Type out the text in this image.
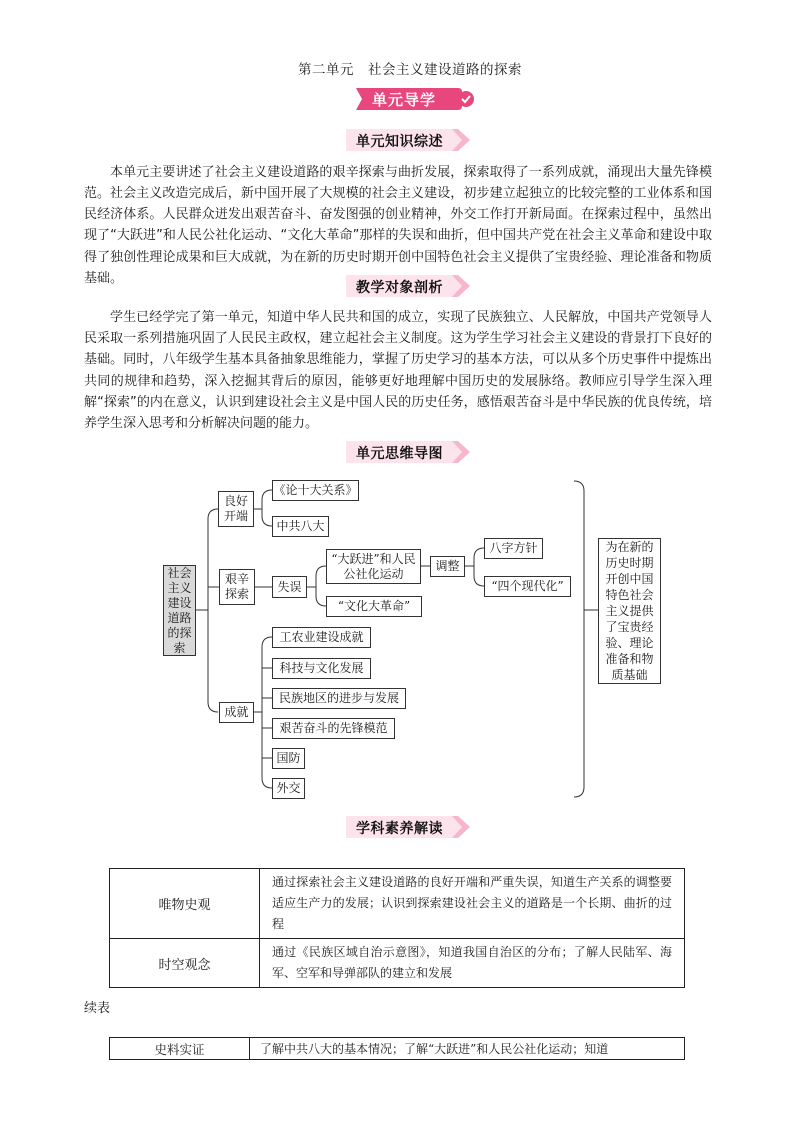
第二单元　社会主义建设道路的探索
单元导学
单元知识综述
本单元主要讲述了社会主义建设道路的艰辛探索与曲折发展，探索取得了一系列成就，涌现出大量先锋模范。 社会主义改造完成后，新中国开展了大规模的社会主义建设，初步建立起独立的比较完整的工业体系和国民经济体系。人民群众迸发出艰苦奋斗、奋发图强的创业精神，外交工作打开新局面。在探索过程中，虽然出现了“大跃进”和人民公社化运动、“文化大革命”那样的失误和曲折，但中国共产党在社会主义革命和建设中取得了独创性理论成果和巨大成就，为在新的历史时期开创中国特色社会主义提供了宝贵经验、理论准备和物质基础。
教学对象剖析
学生已经学完了第一单元，知道中华人民共和国的成立，实现了民族独立、人民解放，中国共产党领导人民采取一系列措施巩固了人民民主政权，建立起社会主义制度。这为学生学习社会主义建设的背景打下良好的基础。同时，八年级学生基本具备抽象思维能力，掌握了历史学习的基本方法，可以从多个历史事件中提炼出共同的规律和趋势，深入挖掘其背后的原因，能够更好地理解中国历史的发展脉络。教师应引导学生深入理解“探索”的内在意义，认识到建设社会主义是中国人民的历史任务，感悟艰苦奋斗是中华民族的优良传统，培养学生深入思考和分析解决问题的能力。
单元思维导图
社会主义建设道路的探索
良好开端
《论十大关系》
中共八大
艰辛探索
失误
“大跃进”和人民公社化运动
“文化大革命”
调整
八字方针
“四个现代化”
成就
工农业建设成就
科技与文化发展
民族地区的进步与发展
艰苦奋斗的先锋模范
国防
外交
为在新的历史时期开创中国特色社会主义提供了宝贵经验、理论准备和物质基础
学科素养解读
唯物史观	通过探索社会主义建设道路的良好开端和严重失误，知道生产关系的调整要适应生产力的发展；认识到探索建设社会主义的道路是一个长期、曲折的过程
时空观念	通过《民族区域自治示意图》，知道我国自治区的分布；了解人民陆军、海军、空军和导弹部队的建立和发展
续表
史料实证	了解中共八大的基本情况；了解“大跃进”和人民公社化运动；知道
